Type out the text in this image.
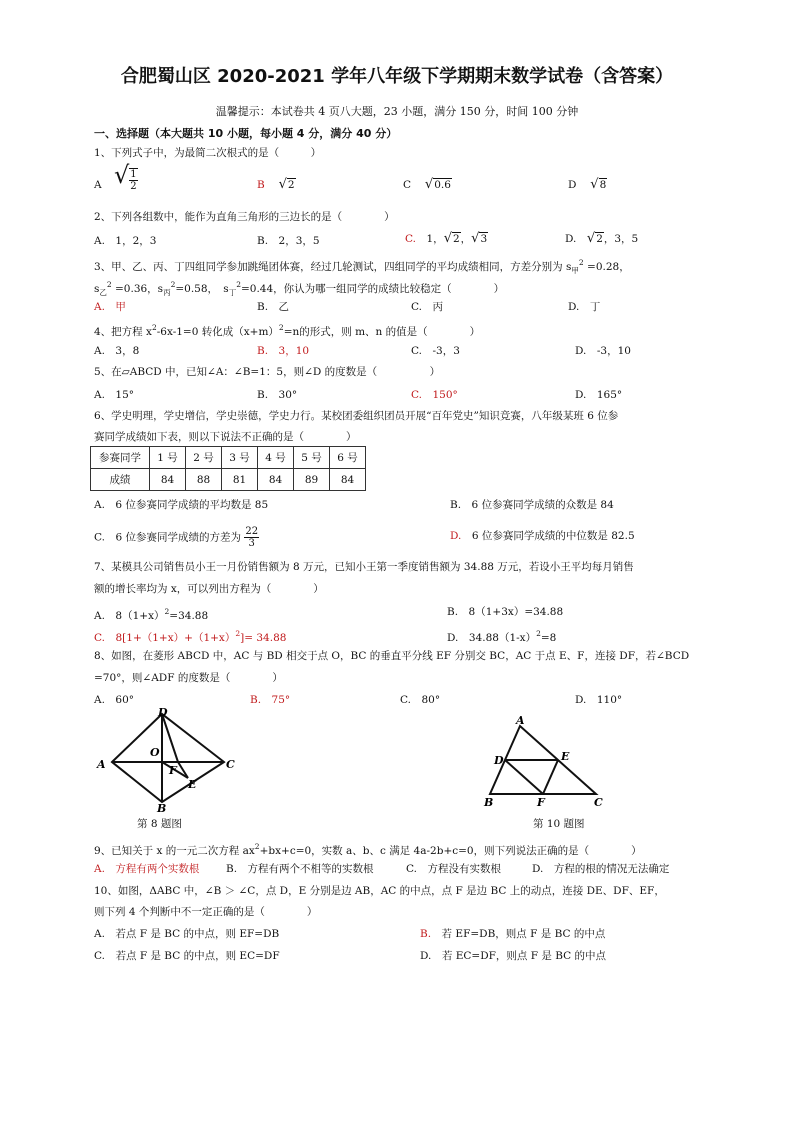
合肥蜀山区 2020-2021 学年八年级下学期期末数学试卷（含答案）
温馨提示：本试卷共 4 页八大题，23 小题，满分 150 分，时间 100 分钟
一、选择题（本大题共 10 小题，每小题 4 分，满分 40 分）
1、下列式子中，为最简二次根式的是（　　　）
A √ $\frac{1}{2}$	B　 √2	C　 √0.6	D　 √8
2、下列各组数中，能作为直角三角形的三边长的是（　　　　）
A.　1，2，3	B.　2，3，5	C.　 1，√2，√3	D.　 √2，3，5
3、甲、乙、丙、丁四组同学参加跳绳团体赛，经过几轮测试，四组同学的平均成绩相同，方差分别为 $s_甲^2 =0.28$，
$s_乙^2 =0.36$，$s_丙^2=0.58$，　$s_丁^2=0.44$，你认为哪一组同学的成绩比较稳定（　　　　）
A.　甲	B.　乙	C.　丙	D.　丁
4、把方程 $x^2-6x-1=0$ 转化成$(x+m)^2=n$的形式，则 m、n 的值是（　　　　）
A.　3，8	B.　3，10	C.　-3，3	D.　-3，10
5、在▱ABCD 中，已知∠A：∠B=1：5，则∠D 的度数是（　　　　　）
A.　15°	B.　30°	C.　150°	D.　165°
6、学史明理，学史增信，学史崇德，学史力行。某校团委组织团员开展“百年党史”知识竞赛，八年级某班 6 位参
赛同学成绩如下表，则以下说法不正确的是（　　　　）
参赛同学	1 号	2 号	3 号	4 号	5 号	6 号
成绩	84	88	81	84	89	84
A.　6 位参赛同学成绩的平均数是 85	B.　6 位参赛同学成绩的众数是 84
C.　6 位参赛同学成绩的方差为 $\frac{22}{3}$	D.　6 位参赛同学成绩的中位数是 82.5
7、某模具公司销售员小王一月份销售额为 8 万元，已知小王第一季度销售额为 34.88 万元，若设小王平均每月销售
额的增长率均为 x，可以列出方程为（　　　　）
A.　$8(1+x)^2=34.88$	B.　8（1+3x）=34.88
C.　$8[1+(1+x)+(1+x)^2]= 34.88$	D.　$34.88(1-x)^2=8$
8、如图，在菱形 ABCD 中，AC 与 BD 相交于点 O，BC 的垂直平分线 EF 分别交 BC，AC 于点 E、F，连接 DF，若∠BCD
=70°，则∠ADF 的度数是（　　　　）
A.　60°	B.　75°	C.　80°	D.　110°
D
O
A	F	C
E
B
第 8 题图
A
D	E
B	F	C
第 10 题图
9、已知关于 x 的一元二次方程 $ax^2+bx+c=0$，实数 a、b、c 满足 4a-2b+c=0，则下列说法正确的是（　　　　）
A.　方程有两个实数根	B.　方程有两个不相等的实数根	C.　方程没有实数根	D.　方程的根的情况无法确定
10、如图，ΔABC 中，∠B ＞ ∠C，点 D，E 分别是边 AB，AC 的中点，点 F 是边 BC 上的动点，连接 DE、DF、EF，
则下列 4 个判断中不一定正确的是（　　　　）
A.　若点 F 是 BC 的中点，则 EF=DB	B.　若 EF=DB，则点 F 是 BC 的中点
C.　若点 F 是 BC 的中点，则 EC=DF	D.　若 EC=DF，则点 F 是 BC 的中点
